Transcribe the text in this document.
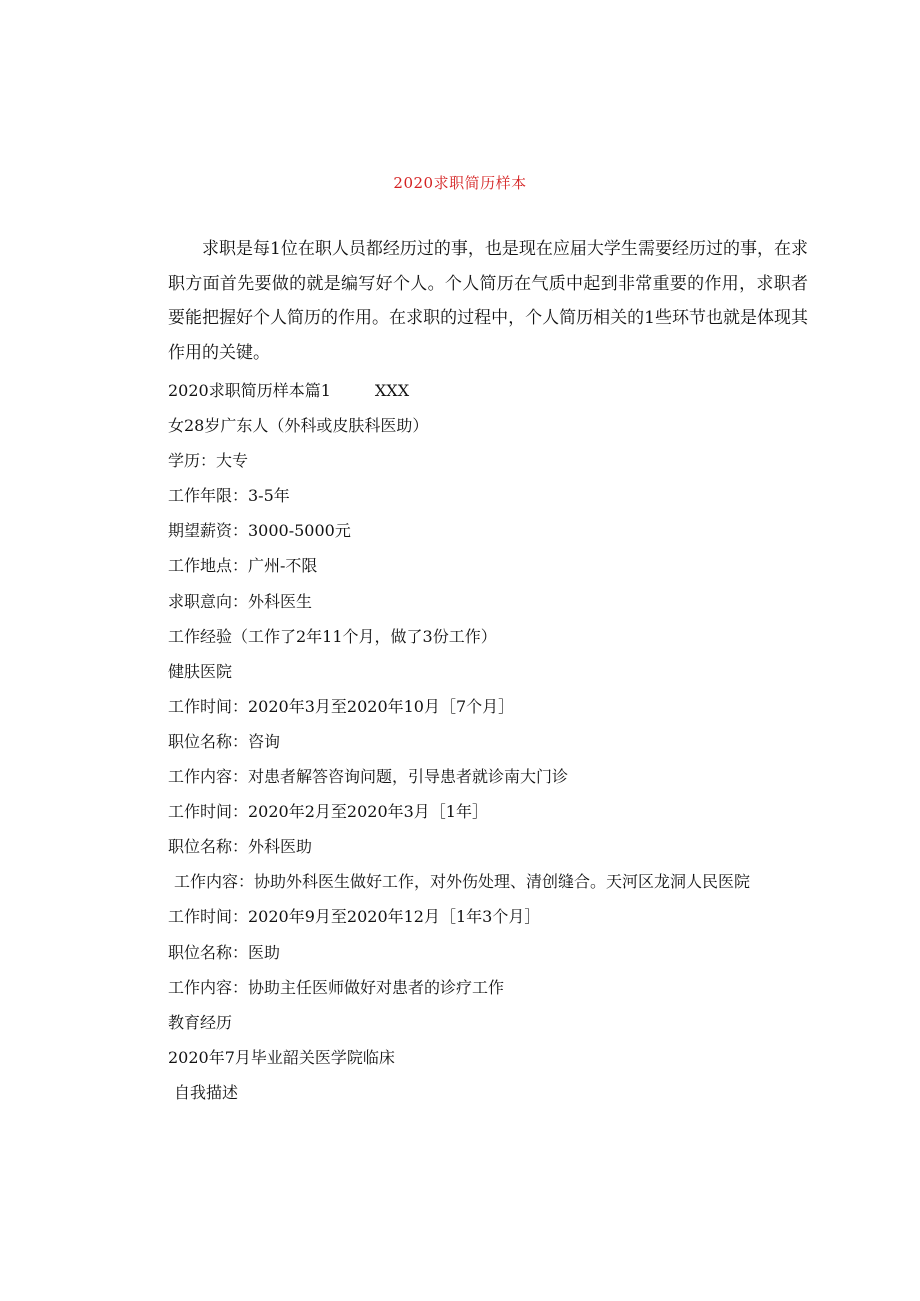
2020求职简历样本

求职是每1位在职人员都经历过的事，也是现在应届大学生需要经历过的事，在求职方面首先要做的就是编写好个人。个人简历在气质中起到非常重要的作用，求职者要能把握好个人简历的作用。在求职的过程中，个人简历相关的1些环节也就是体现其作用的关键。

2020求职简历样本篇1	XXX
女28岁广东人（外科或皮肤科医助）
学历：大专
工作年限：3-5年
期望薪资：3000-5000元
工作地点：广州-不限
求职意向：外科医生
工作经验（工作了2年11个月，做了3份工作）
健肤医院
工作时间：2020年3月至2020年10月［7个月］
职位名称：咨询
工作内容：对患者解答咨询问题，引导患者就诊南大门诊
工作时间：2020年2月至2020年3月［1年］
职位名称：外科医助
工作内容：协助外科医生做好工作，对外伤处理、清创缝合。天河区龙洞人民医院
工作时间：2020年9月至2020年12月［1年3个月］
职位名称：医助
工作内容：协助主任医师做好对患者的诊疗工作
教育经历
2020年7月毕业韶关医学院临床
自我描述
